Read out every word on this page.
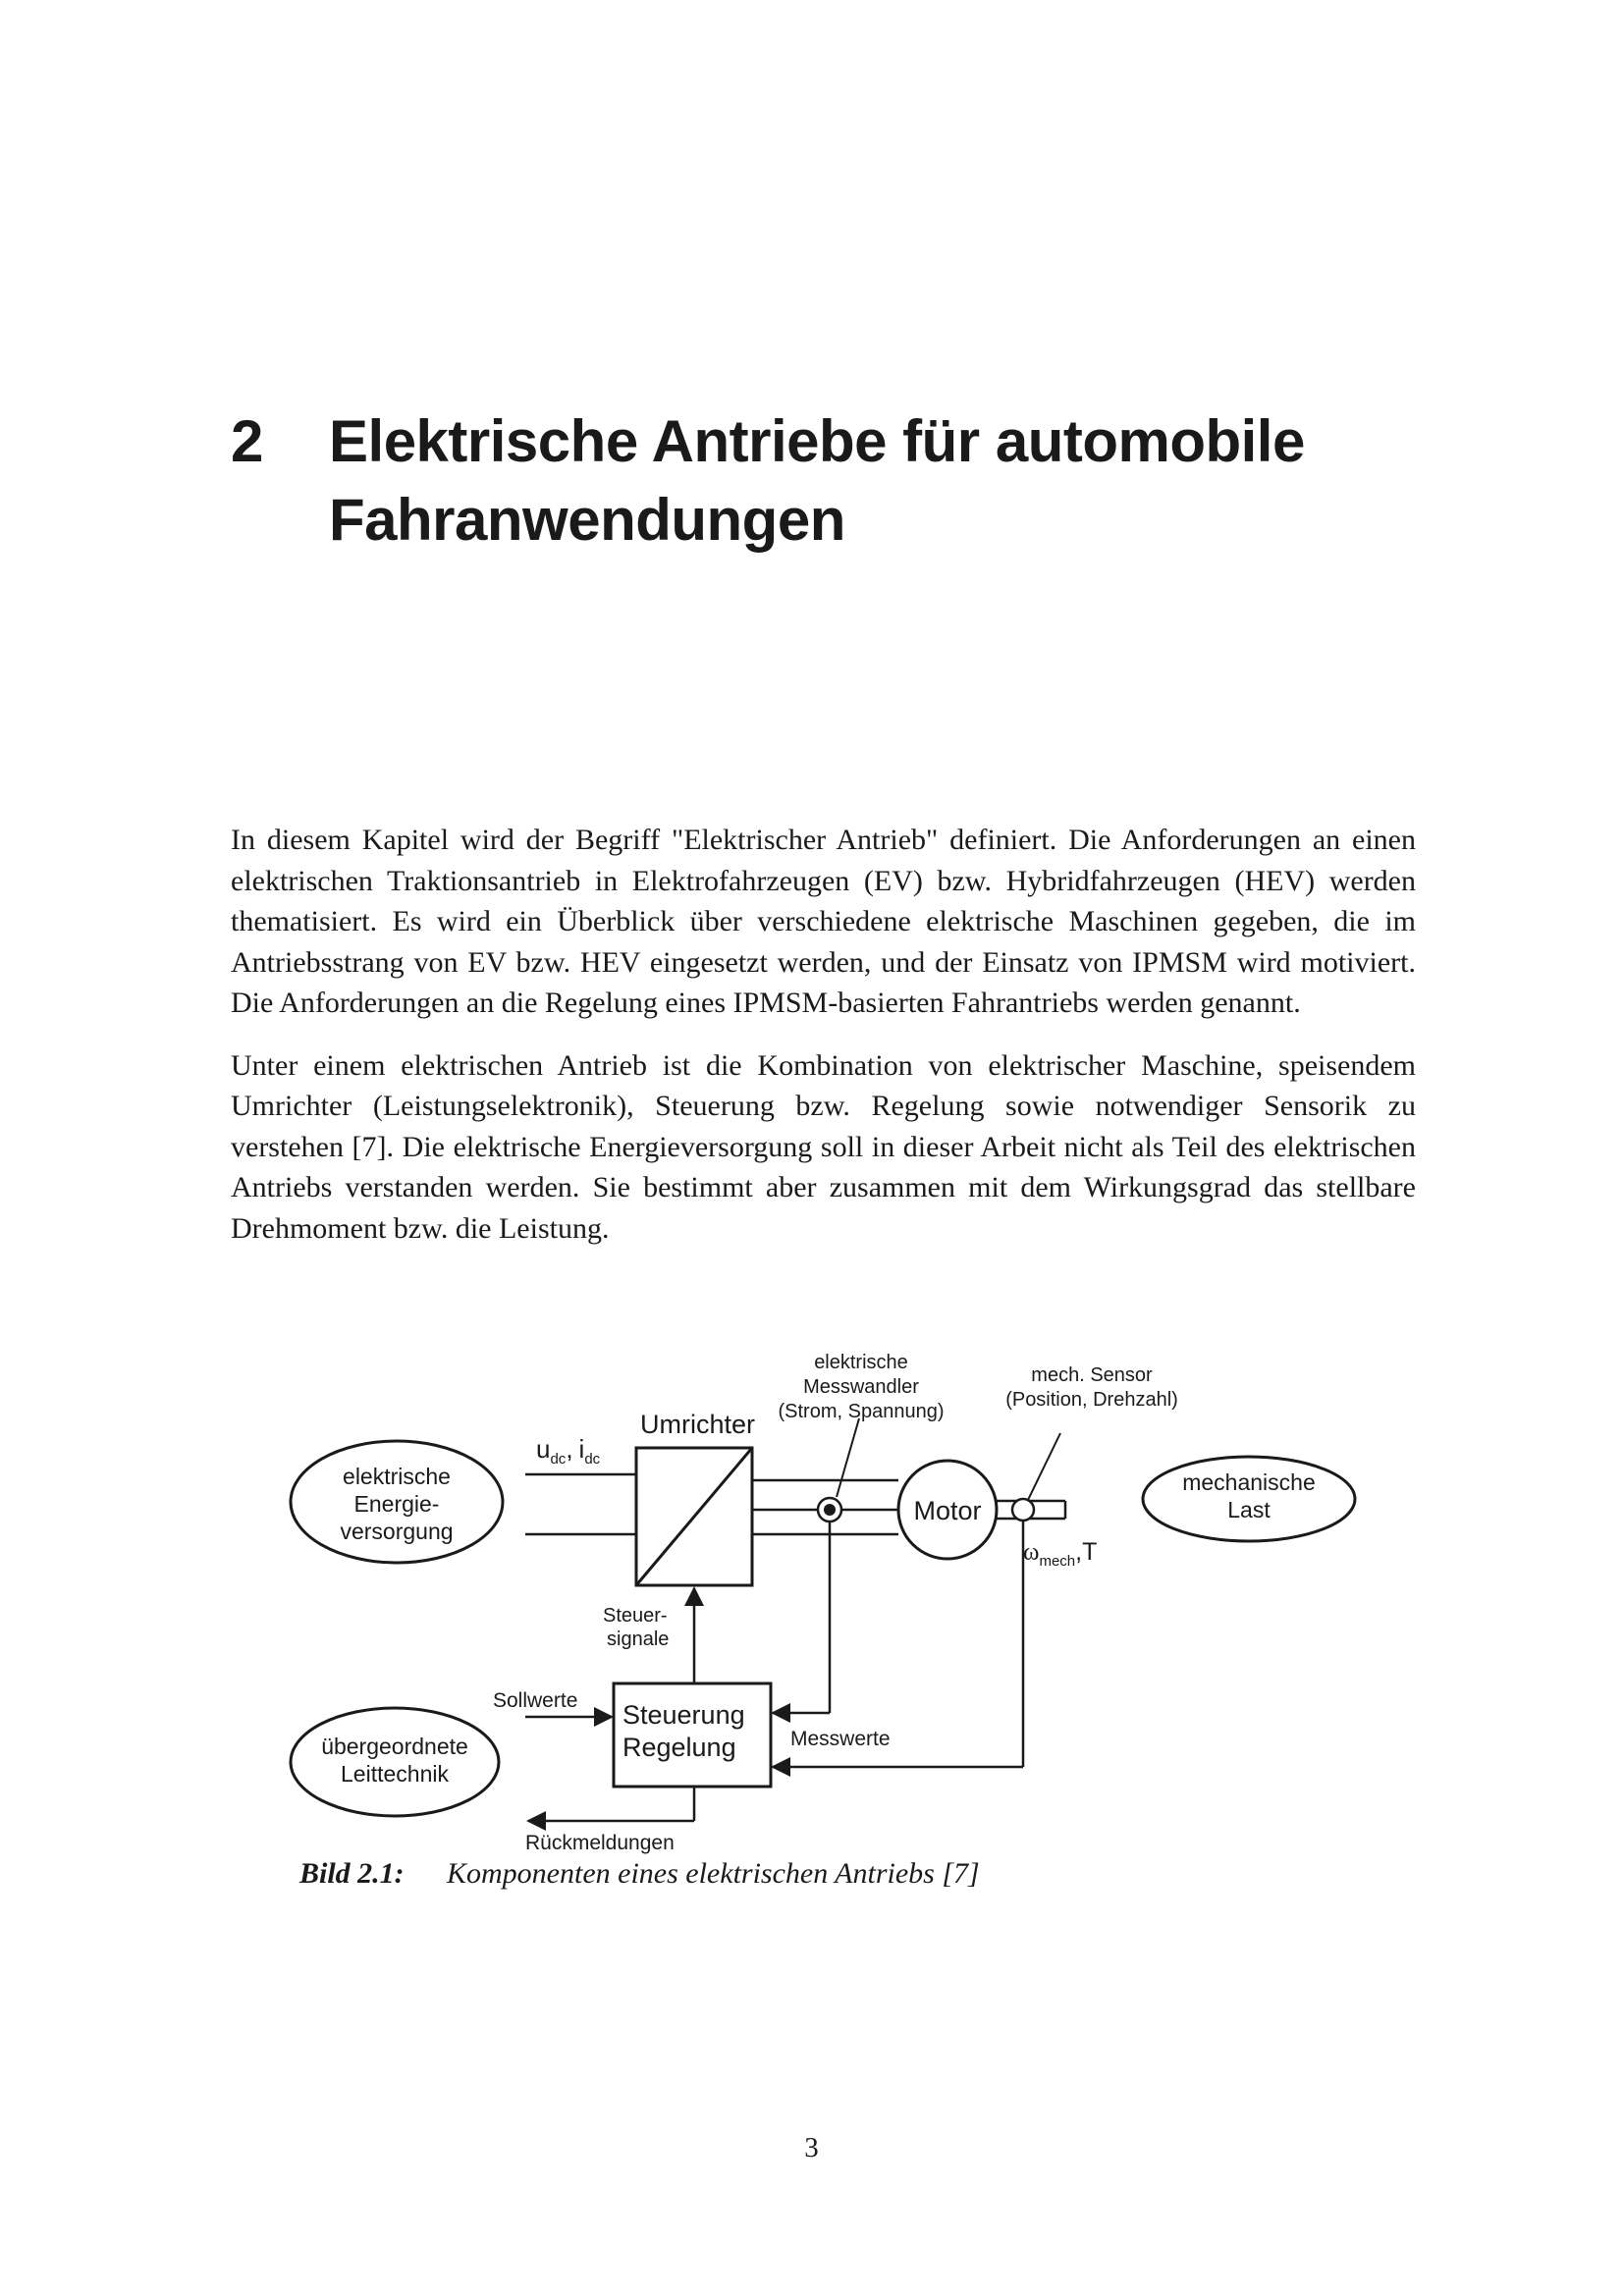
2 Elektrische Antriebe für automobile
Fahranwendungen

In diesem Kapitel wird der Begriff "Elektrischer Antrieb" definiert. Die Anforderungen an einen elektrischen Traktionsantrieb in Elektrofahrzeugen (EV) bzw. Hybridfahrzeugen (HEV) werden thematisiert. Es wird ein Überblick über verschiedene elektrische Maschinen gegeben, die im Antriebsstrang von EV bzw. HEV eingesetzt werden, und der Einsatz von IPMSM wird motiviert. Die Anforderungen an die Regelung eines IPMSM-basierten Fahrantriebs werden genannt.

Unter einem elektrischen Antrieb ist die Kombination von elektrischer Maschine, speisendem Umrichter (Leistungselektronik), Steuerung bzw. Regelung sowie notwendiger Sensorik zu verstehen [7]. Die elektrische Energieversorgung soll in dieser Arbeit nicht als Teil des elektrischen Antriebs verstanden werden. Sie bestimmt aber zusammen mit dem Wirkungsgrad das stellbare Drehmoment bzw. die Leistung.

elektrische
Energie-
versorgung
$u_{dc}$, $i_{dc}$
Umrichter
elektrische
Messwandler
(Strom, Spannung)
Motor
mech. Sensor
(Position, Drehzahl)
$\omega_{mech},T$
mechanische
Last
Steuer-
signale
Steuerung
Regelung
Sollwerte
Messwerte
übergeordnete
Leittechnik
Rückmeldungen
Bild 2.1: Komponenten eines elektrischen Antriebs [7]
3
